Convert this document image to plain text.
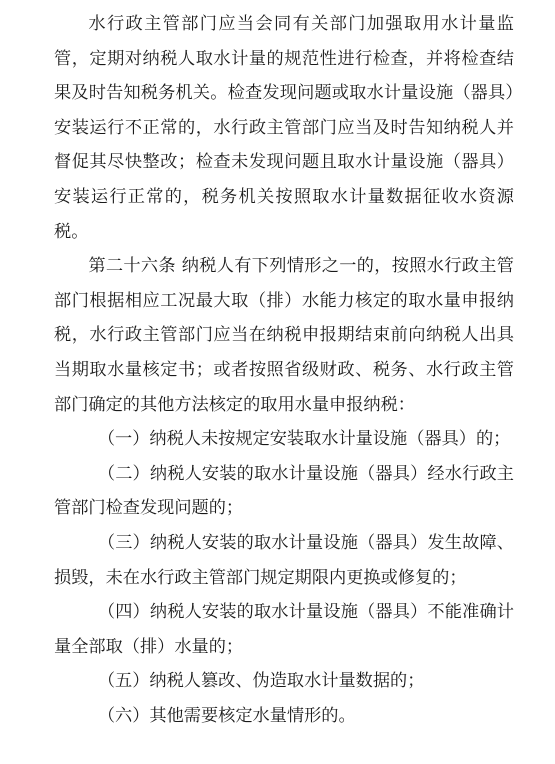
水行政主管部门应当会同有关部门加强取用水计量监管，定期对纳税人取水计量的规范性进行检查，并将检查结果及时告知税务机关。检查发现问题或取水计量设施（器具）安装运行不正常的，水行政主管部门应当及时告知纳税人并督促其尽快整改；检查未发现问题且取水计量设施（器具）安装运行正常的，税务机关按照取水计量数据征收水资源税。

第二十六条 纳税人有下列情形之一的，按照水行政主管部门根据相应工况最大取（排）水能力核定的取水量申报纳税，水行政主管部门应当在纳税申报期结束前向纳税人出具当期取水量核定书；或者按照省级财政、税务、水行政主管部门确定的其他方法核定的取用水量申报纳税：

（一）纳税人未按规定安装取水计量设施（器具）的；

（二）纳税人安装的取水计量设施（器具）经水行政主管部门检查发现问题的；

（三）纳税人安装的取水计量设施（器具）发生故障、损毁，未在水行政主管部门规定期限内更换或修复的；

（四）纳税人安装的取水计量设施（器具）不能准确计量全部取（排）水量的；

（五）纳税人篡改、伪造取水计量数据的；

（六）其他需要核定水量情形的。
